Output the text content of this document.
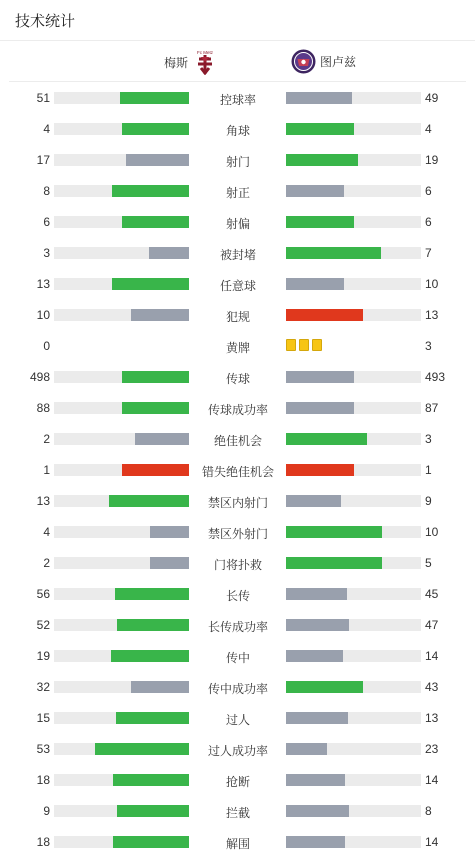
技术统计
梅斯
Fc Metz
图卢兹
51	控球率	49
4	角球	4
17	射门	19
8	射正	6
6	射偏	6
3	被封堵	7
13	任意球	10
10	犯规	13
0	黄牌	3
498	传球	493
88	传球成功率	87
2	绝佳机会	3
1	错失绝佳机会	1
13	禁区内射门	9
4	禁区外射门	10
2	门将扑救	5
56	长传	45
52	长传成功率	47
19	传中	14
32	传中成功率	43
15	过人	13
53	过人成功率	23
18	抢断	14
9	拦截	8
18	解围	14
